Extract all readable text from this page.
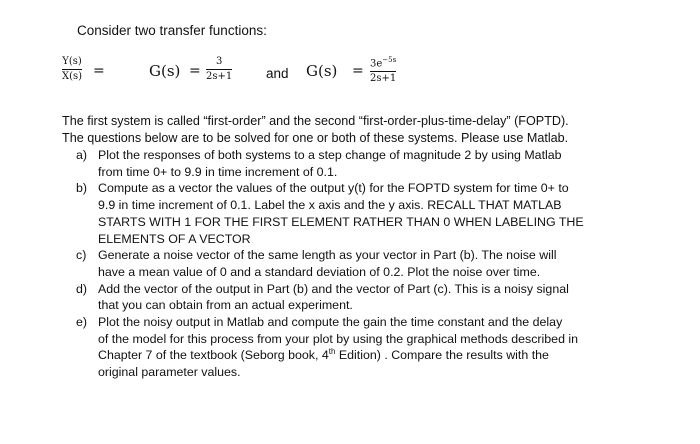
Consider two transfer functions:
Y(s)
X(s) =	G(s) =
3
2s+1	and $G(s) = 3e^{-5s}$
2s+1
The first system is called “first-order” and the second “first-order-plus-time-delay” (FOPTD).
The questions below are to be solved for one or both of these systems. Please use Matlab.
a) Plot the responses of both systems to a step change of magnitude 2 by using Matlab
from time 0+ to 9.9 in time increment of 0.1.
b) Compute as a vector the values of the output y(t) for the FOPTD system for time 0+ to
9.9 in time increment of 0.1. Label the x axis and the y axis. RECALL THAT MATLAB
STARTS WITH 1 FOR THE FIRST ELEMENT RATHER THAN 0 WHEN LABELING THE
ELEMENTS OF A VECTOR
c) Generate a noise vector of the same length as your vector in Part (b). The noise will
have a mean value of 0 and a standard deviation of 0.2. Plot the noise over time.
d) Add the vector of the output in Part (b) and the vector of Part (c). This is a noisy signal
that you can obtain from an actual experiment.
e) Plot the noisy output in Matlab and compute the gain the time constant and the delay
of the model for this process from your plot by using the graphical methods described in
Chapter 7 of the textbook (Seborg book, 4th Edition) . Compare the results with the
original parameter values.
